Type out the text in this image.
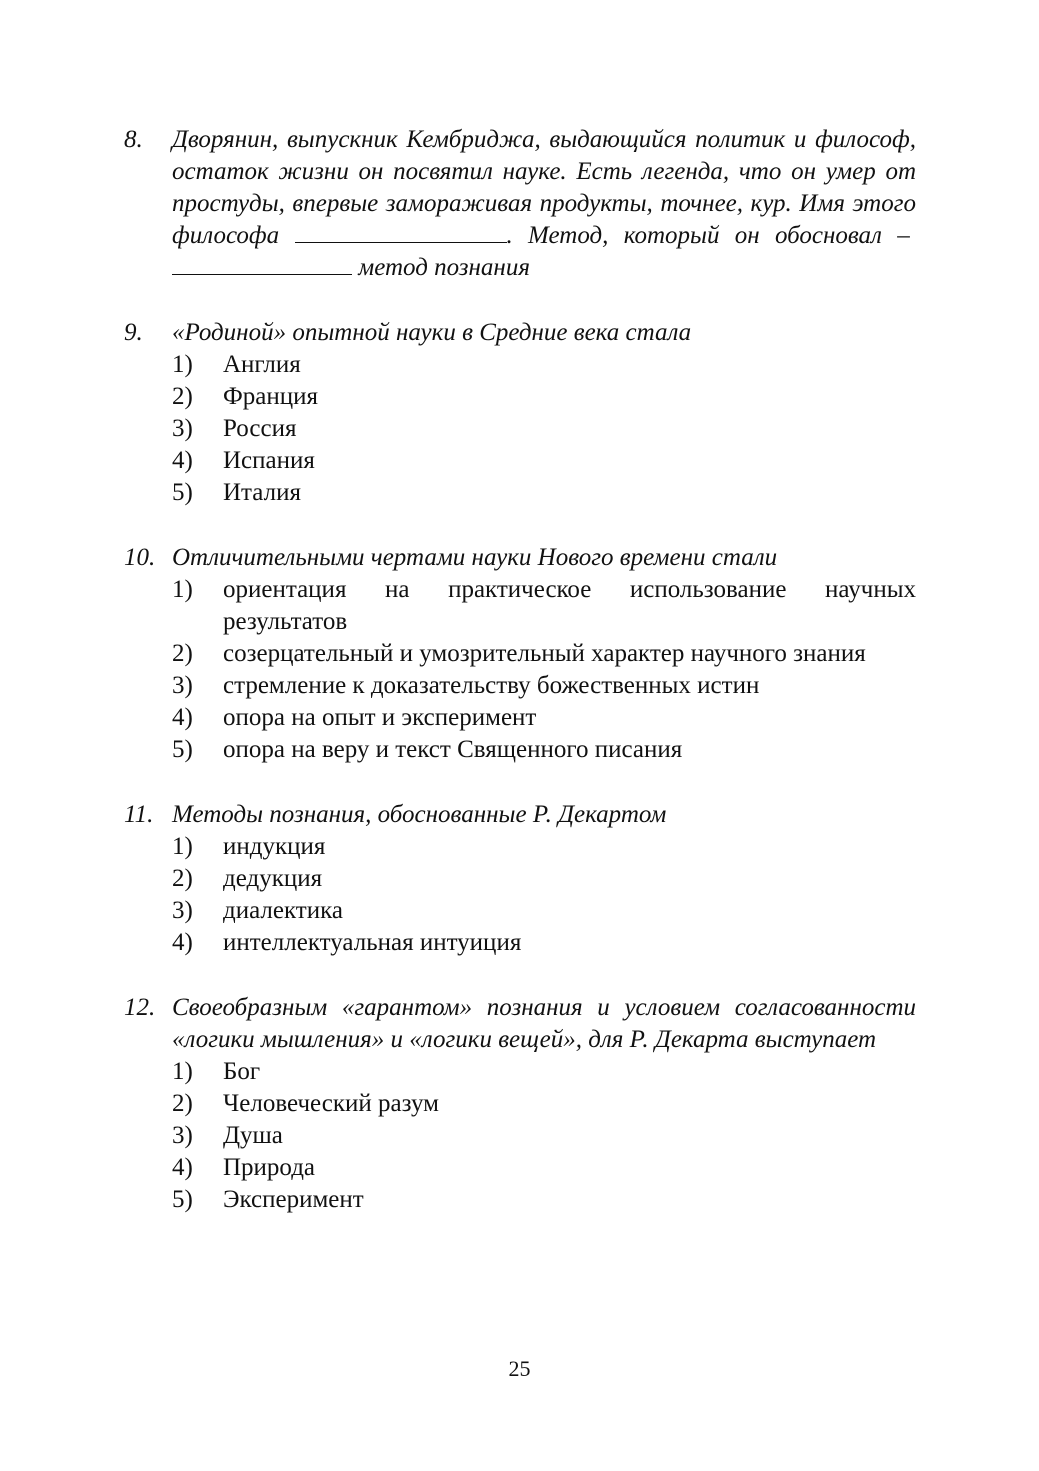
8.	Дворянин, выпускник Кембриджа, выдающийся политик и философ, остаток жизни он посвятил науке. Есть легенда, что он умер от простуды, впервые замораживая продукты, точнее, кур. Имя этого философа	. Метод, который он обосновал –  метод познания
9.	«Родиной» опытной науки в Средние века стала
1)	Англия
2)	Франция
3)	Россия
4)	Испания
5)	Италия
10. Отличительными чертами науки Нового времени стали
1)	ориентация на практическое использование научных результатов
2)	созерцательный и умозрительный характер научного знания
3)	стремление к доказательству божественных истин
4)	опора на опыт и эксперимент
5)	опора на веру и текст Священного писания
11. Методы познания, обоснованные Р. Декартом
1)	индукция
2)	дедукция
3)	диалектика
4)	интеллектуальная интуиция
12. Своеобразным «гарантом» познания и условием согласованности «логики мышления» и «логики вещей», для Р. Декарта выступает
1)	Бог
2)	Человеческий разум
3)	Душа
4)	Природа
5)	Эксперимент
25
